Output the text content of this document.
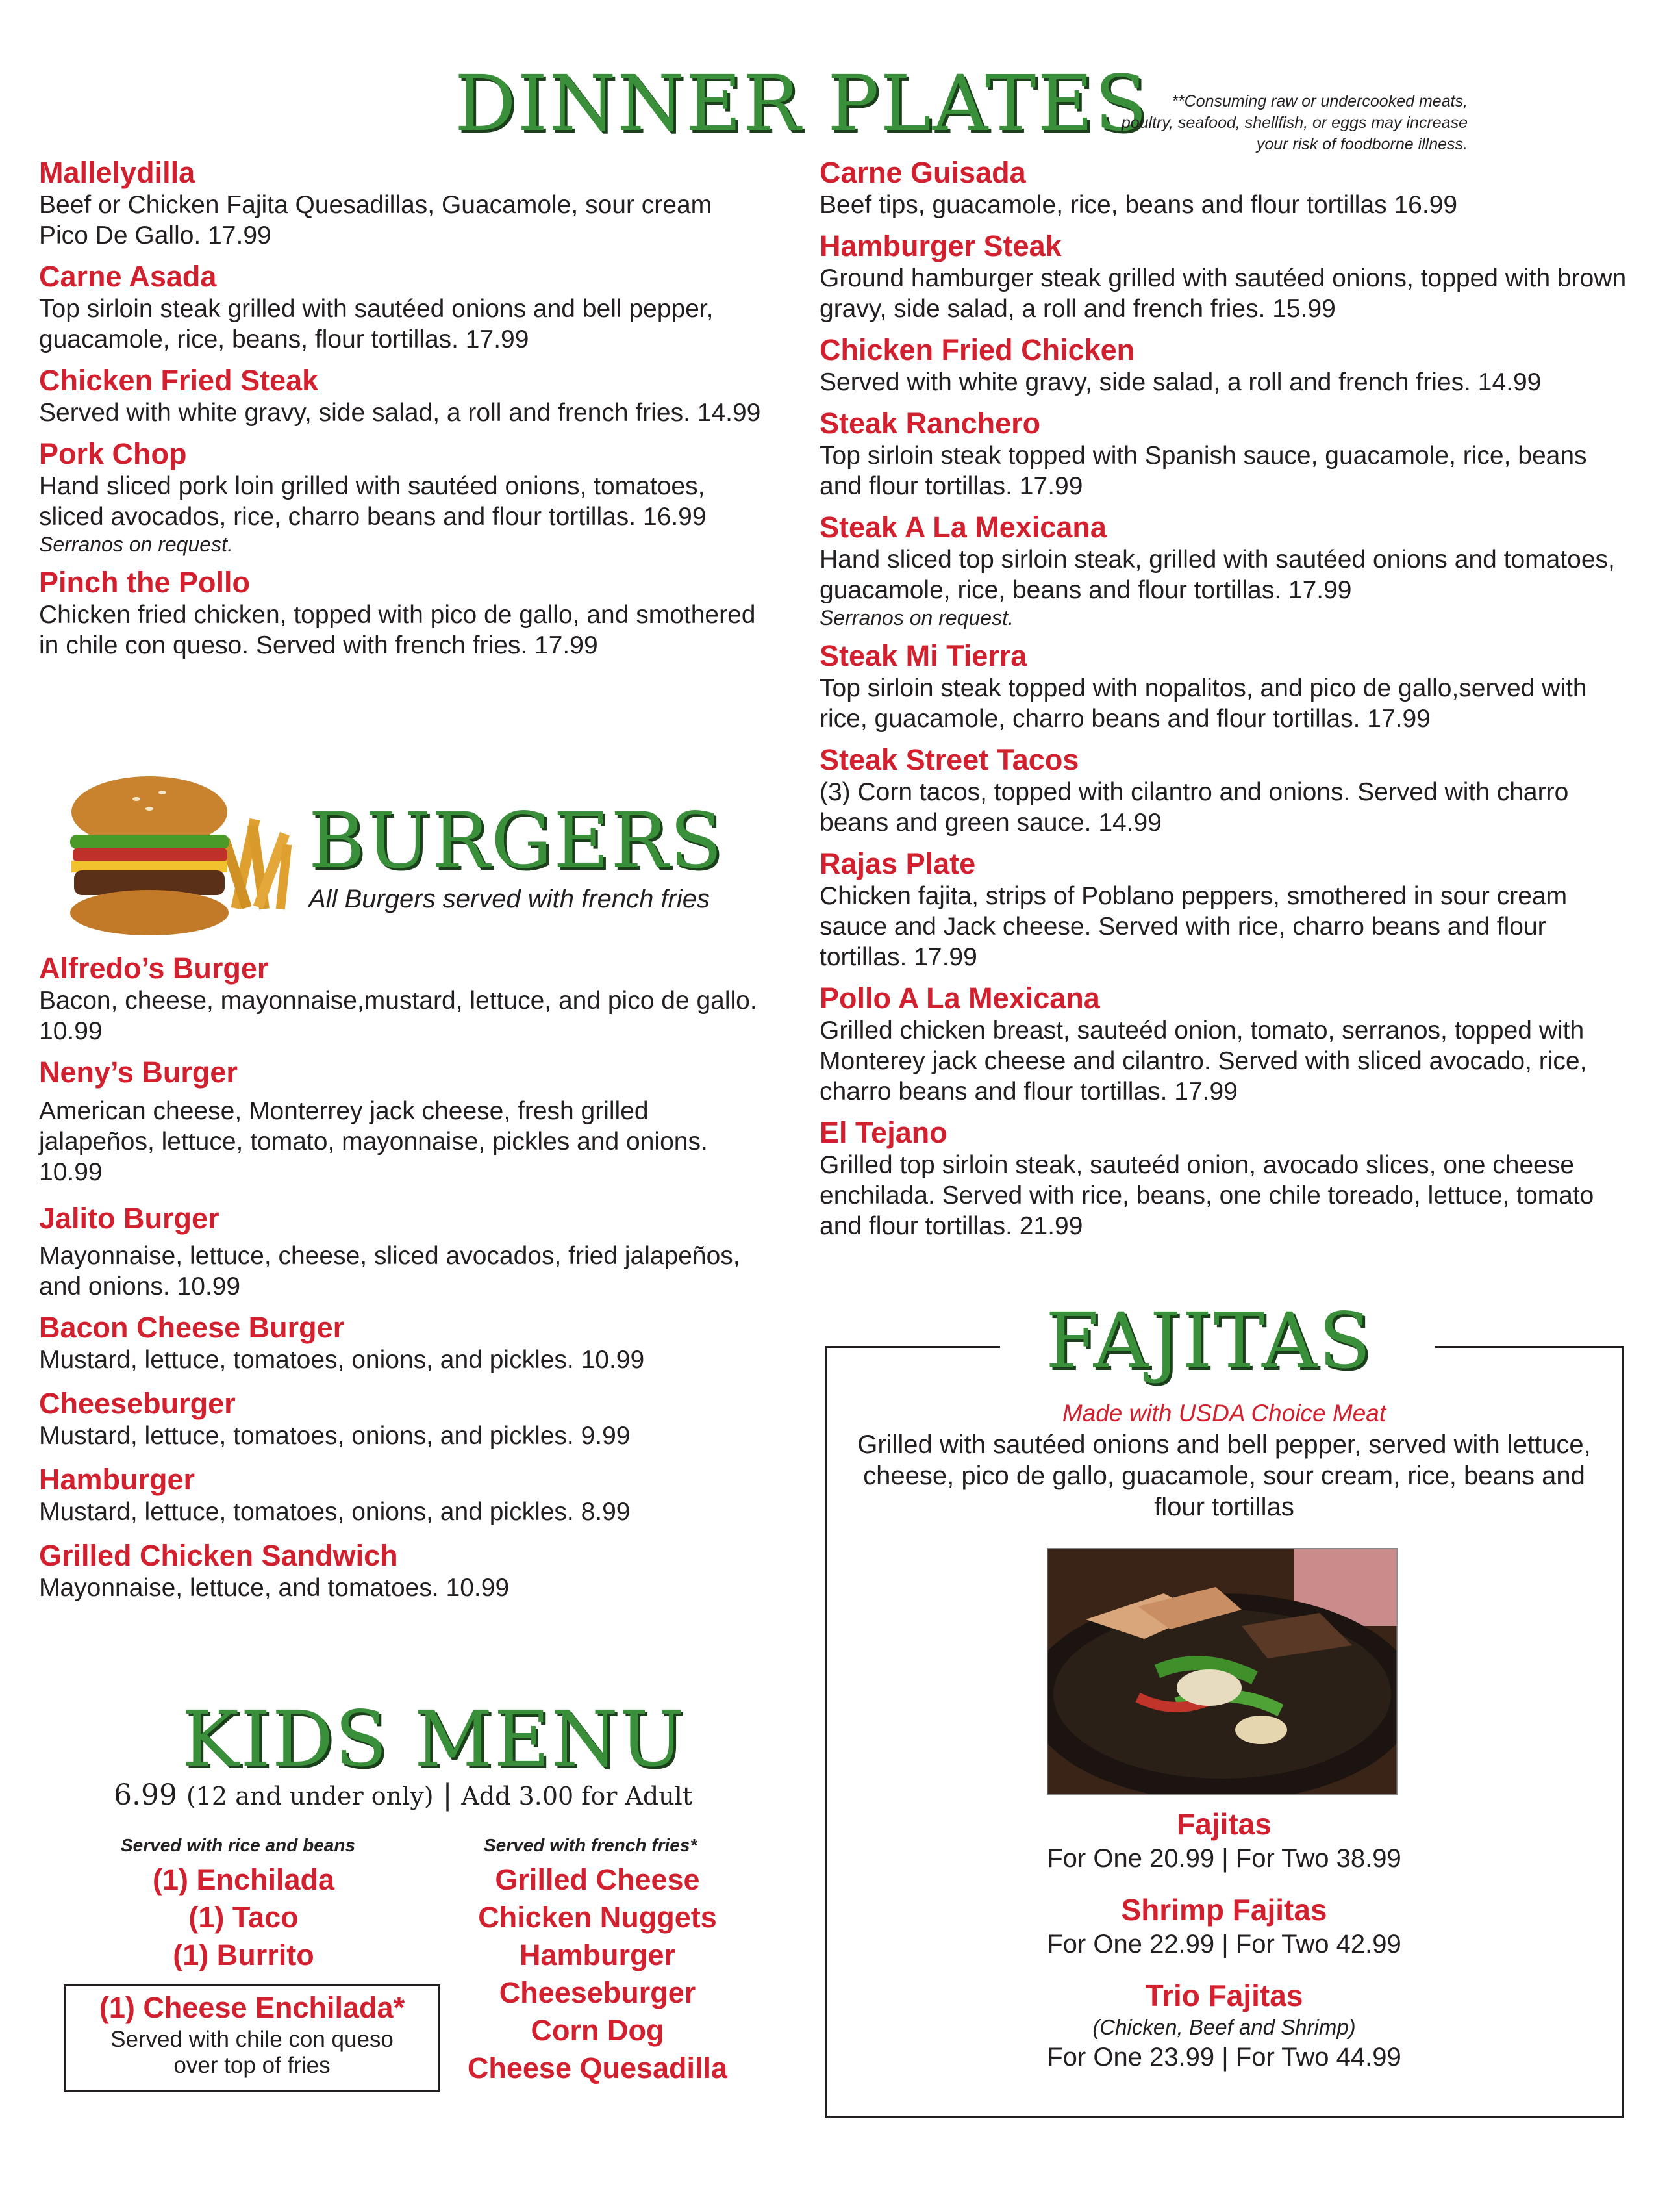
DINNER PLATES	**Consuming raw or undercooked meats, poultry, seafood, shellfish, or eggs may increase your risk of foodborne illness.
Mallelydilla
Beef or Chicken Fajita Quesadillas, Guacamole, sour cream Pico De Gallo. 17.99
Carne Asada
Top sirloin steak grilled with sautéed onions and bell pepper, guacamole, rice, beans, flour tortillas. 17.99
Chicken Fried Steak
Served with white gravy, side salad, a roll and french fries. 14.99
Pork Chop
Hand sliced pork loin grilled with sautéed onions, tomatoes, sliced avocados, rice, charro beans and flour tortillas. 16.99
Serranos on request.
Pinch the Pollo
Chicken fried chicken, topped with pico de gallo, and smothered in chile con queso. Served with french fries. 17.99
Carne Guisada
Beef tips, guacamole, rice, beans and flour tortillas 16.99
Hamburger Steak
Ground hamburger steak grilled with sautéed onions, topped with brown gravy, side salad, a roll and french fries. 15.99
Chicken Fried Chicken
Served with white gravy, side salad, a roll and french fries. 14.99
Steak Ranchero
Top sirloin steak topped with Spanish sauce, guacamole, rice, beans and flour tortillas. 17.99
Steak A La Mexicana
Hand sliced top sirloin steak, grilled with sautéed onions and tomatoes, guacamole, rice, beans and flour tortillas. 17.99
Serranos on request.
Steak Mi Tierra
Top sirloin steak topped with nopalitos, and pico de gallo,served with rice, guacamole, charro beans and flour tortillas. 17.99
Steak Street Tacos
(3) Corn tacos, topped with cilantro and onions. Served with charro beans and green sauce. 14.99
Rajas Plate
Chicken fajita, strips of Poblano peppers, smothered in sour cream sauce and Jack cheese. Served with rice, charro beans and flour tortillas. 17.99
Pollo A La Mexicana
Grilled chicken breast, sauteéd onion, tomato, serranos, topped with Monterey jack cheese and cilantro. Served with sliced avocado, rice, charro beans and flour tortillas. 17.99
El Tejano
Grilled top sirloin steak, sauteéd onion, avocado slices, one cheese enchilada. Served with rice, beans, one chile toreado, lettuce, tomato and flour tortillas. 21.99
BURGERS
All Burgers served with french fries
Alfredo’s Burger
Bacon, cheese, mayonnaise,mustard, lettuce, and pico de gallo. 10.99
Neny’s Burger
American cheese, Monterrey jack cheese, fresh grilled jalapeños, lettuce, tomato, mayonnaise, pickles and onions. 10.99
Jalito Burger
Mayonnaise, lettuce, cheese, sliced avocados, fried jalapeños, and onions. 10.99
Bacon Cheese Burger
Mustard, lettuce, tomatoes, onions, and pickles. 10.99
Cheeseburger
Mustard, lettuce, tomatoes, onions, and pickles. 9.99
Hamburger
Mustard, lettuce, tomatoes, onions, and pickles. 8.99
Grilled Chicken Sandwich
Mayonnaise, lettuce, and tomatoes. 10.99
KIDS MENU
6.99 (12 and under only) | Add 3.00 for Adult
Served with rice and beans
(1) Enchilada
(1) Taco
(1) Burrito
Served with french fries*
Grilled Cheese
Chicken Nuggets
Hamburger
Cheeseburger
Corn Dog
Cheese Quesadilla
(1) Cheese Enchilada*
Served with chile con queso over top of fries
FAJITAS
Made with USDA Choice Meat
Grilled with sautéed onions and bell pepper, served with lettuce, cheese, pico de gallo, guacamole, sour cream, rice, beans and flour tortillas
Fajitas
For One 20.99 | For Two 38.99
Shrimp Fajitas
For One 22.99 | For Two 42.99
Trio Fajitas
(Chicken, Beef and Shrimp)
For One 23.99 | For Two 44.99
